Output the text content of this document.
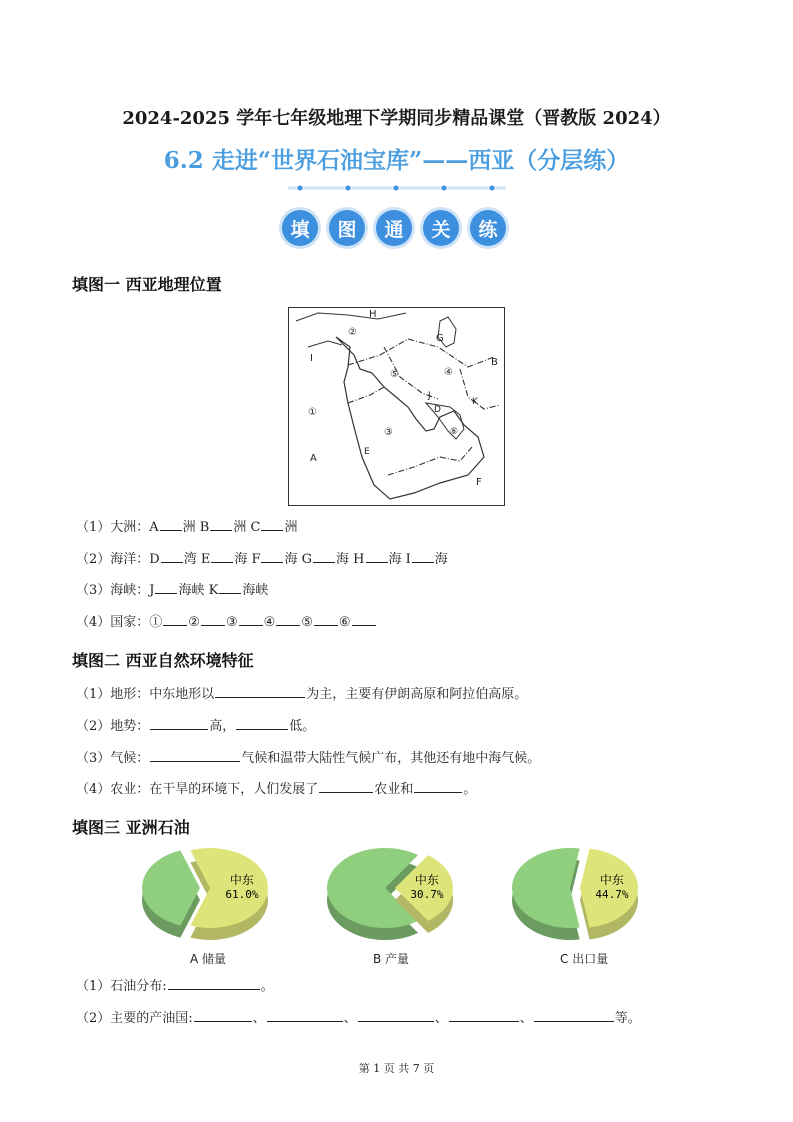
2024-2025 学年七年级地理下学期同步精品课堂（晋教版 2024）
6.2 走进“世界石油宝库”——西亚（分层练）
填	图	通	关	练
填图一 西亚地理位置
H
②
G
I
⑤	④
B
①
J
K
③	⑥
D
A
E
F
（1）大洲：A 洲 B 洲 C 洲
（2）海洋：D 湾 E 海 F 海 G 海 H 海 I 海
（3）海峡：J 海峡 K 海峡
（4）国家：① ② ③ ④ ⑤ ⑥
填图二 西亚自然环境特征
（1）地形：中东地形以	为主，主要有伊朗高原和阿拉伯高原。
（2）地势：	高，	低。
（3）气候：	气候和温带大陆性气候广布，其他还有地中海气候。
（4）农业：在干旱的环境下，人们发展了	农业和	。
填图三 亚洲石油
中东
61.0%
中东
30.7%
中东
44.7%
A 储量	B 产量	C 出口量
（1）石油分布:	。
（2）主要的产油国:	、	、	、	、	等。
第 1 页 共 7 页
